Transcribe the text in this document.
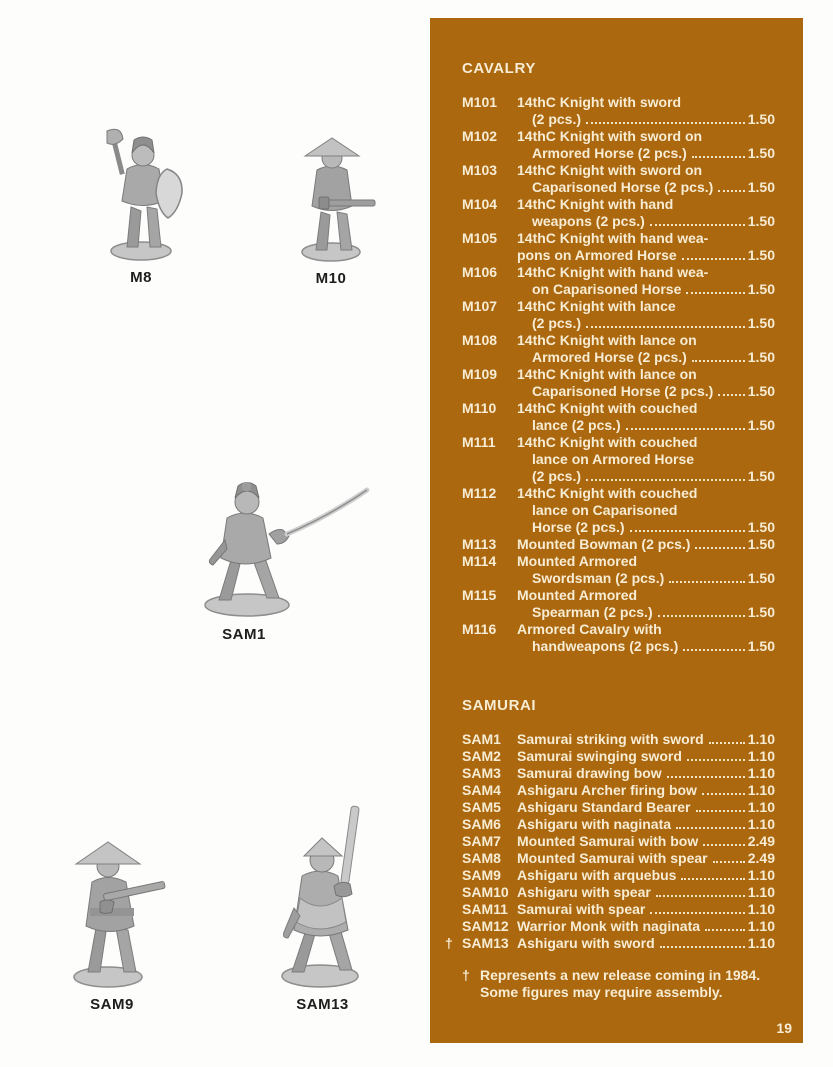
M8	M10
SAM1
SAM9	SAM13
CAVALRY
M101	14thC Knight with sword
(2 pcs.)	1.50
M102	14thC Knight with sword on
Armored Horse (2 pcs.)	1.50
M103	14thC Knight with sword on
Caparisoned Horse (2 pcs.) 1.50
M104	14thC Knight with hand
weapons (2 pcs.)	1.50
M105	14thC Knight with hand wea-
pons on Armored Horse	1.50
M106	14thC Knight with hand wea-
on Caparisoned Horse	1.50
M107	14thC Knight with lance
(2 pcs.)	1.50
M108	14thC Knight with lance on
Armored Horse (2 pcs.)	1.50
M109	14thC Knight with lance on
Caparisoned Horse (2 pcs.) 1.50
M110	14thC Knight with couched
lance (2 pcs.)	1.50
M111	14thC Knight with couched
lance on Armored Horse
(2 pcs.)	1.50
M112	14thC Knight with couched
lance on Caparisoned
Horse (2 pcs.)	1.50
M113	Mounted Bowman (2 pcs.)	1.50
M114	Mounted Armored
Swordsman (2 pcs.)	1.50
M115	Mounted Armored
Spearman (2 pcs.)	1.50
M116	Armored Cavalry with
handweapons (2 pcs.)	1.50
SAMURAI
SAM1	Samurai striking with sword	1.10
SAM2	Samurai swinging sword	1.10
SAM3	Samurai drawing bow	1.10
SAM4	Ashigaru Archer firing bow	1.10
SAM5	Ashigaru Standard Bearer	1.10
SAM6	Ashigaru with naginata	1.10
SAM7	Mounted Samurai with bow	2.49
SAM8	Mounted Samurai with spear	2.49
SAM9	Ashigaru with arquebus	1.10
SAM10 Ashigaru with spear	1.10
SAM11 Samurai with spear	1.10
SAM12 Warrior Monk with naginata	1.10
† SAM13 Ashigaru with sword	1.10
† Represents a new release coming in 1984.
Some figures may require assembly.
19
